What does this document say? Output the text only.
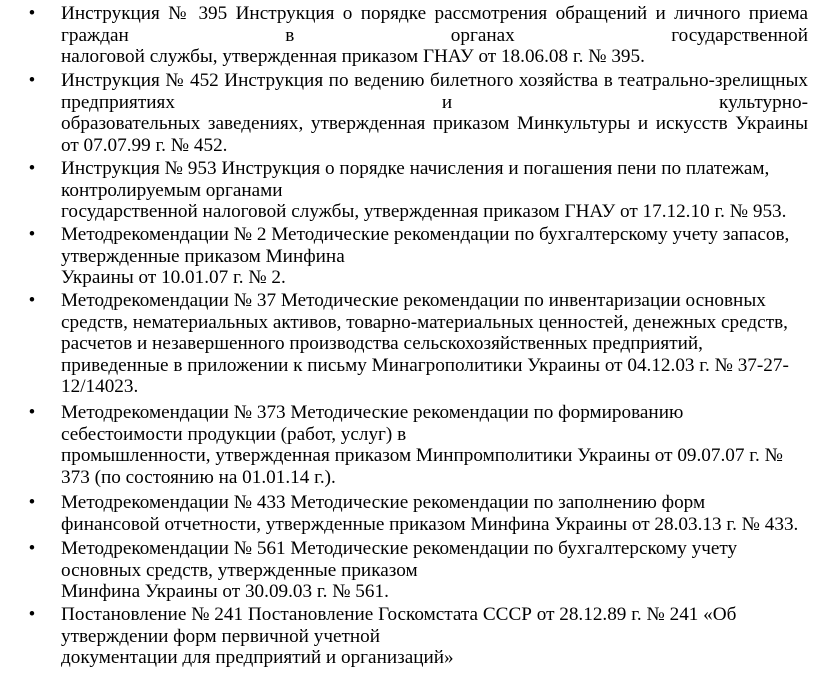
• Инструкция № 395 Инструкция о порядке рассмотрения обращений и личного приема
граждан в органах государственной
налоговой службы, утвержденная приказом ГНАУ от 18.06.08 г. № 395.
• Инструкция № 452 Инструкция по ведению билетного хозяйства в театрально-зрелищных
предприятиях и культурно-
образовательных заведениях, утвержденная приказом Минкультуры и искусств Украины
от 07.07.99 г. № 452.
• Инструкция № 953 Инструкция о порядке начисления и погашения пени по платежам,
контролируемым органами
государственной налоговой службы, утвержденная приказом ГНАУ от 17.12.10 г. № 953.
• Методрекомендации № 2 Методические рекомендации по бухгалтерскому учету запасов,
утвержденные приказом Минфина
Украины от 10.01.07 г. № 2.
• Методрекомендации № 37 Методические рекомендации по инвентаризации основных
средств, нематериальных активов, товарно-материальных ценностей, денежных средств,
расчетов и незавершенного производства сельскохозяйственных предприятий,
приведенные в приложении к письму Минагрополитики Украины от 04.12.03 г. № 37-27-
12/14023.
• Методрекомендации № 373 Методические рекомендации по формированию
себестоимости продукции (работ, услуг) в
промышленности, утвержденная приказом Минпромполитики Украины от 09.07.07 г. №
373 (по состоянию на 01.01.14 г.).
• Методрекомендации № 433 Методические рекомендации по заполнению форм
финансовой отчетности, утвержденные приказом Минфина Украины от 28.03.13 г. № 433.
• Методрекомендации № 561 Методические рекомендации по бухгалтерскому учету
основных средств, утвержденные приказом
Минфина Украины от 30.09.03 г. № 561.
• Постановление № 241 Постановление Госкомстата СССР от 28.12.89 г. № 241 «Об
утверждении форм первичной учетной
документации для предприятий и организаций»
